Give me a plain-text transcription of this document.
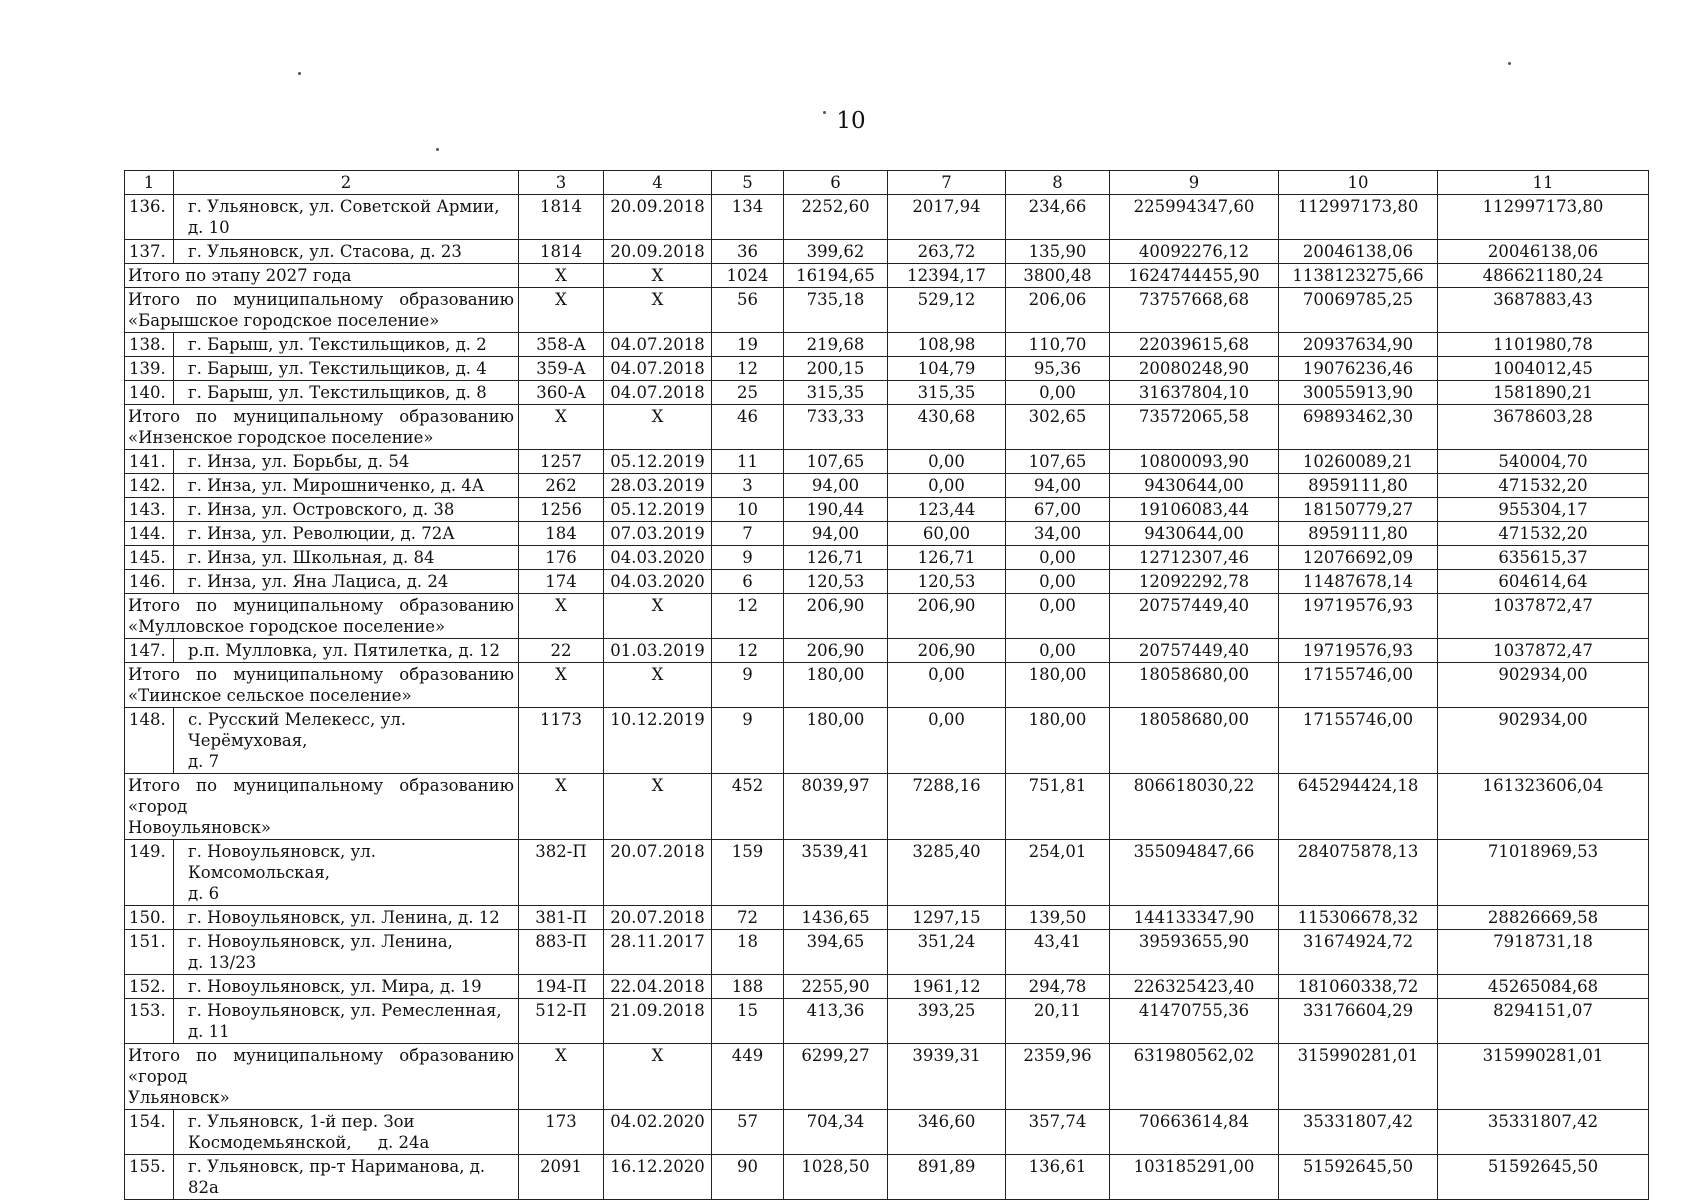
10
1	2	3	4	5	6	7	8	9	10	11
136.	г. Ульяновск, ул. Советской Армии,
д. 10	1814	20.09.2018	134	2252,60	2017,94	234,66	225994347,60	112997173,80	112997173,80
137.	г. Ульяновск, ул. Стасова, д. 23	1814	20.09.2018	36	399,62	263,72	135,90	40092276,12	20046138,06	20046138,06
Итого по этапу 2027 года		X	X	1024	16194,65	12394,17	3800,48	1624744455,90	1138123275,66	486621180,24

Итого по муниципальному образованию
«Барышское городское поселение»		X	X	56	735,18	529,12	206,06	73757668,68	70069785,25	3687883,43
138.	г. Барыш, ул. Текстильщиков, д. 2	358-А	04.07.2018	19	219,68	108,98	110,70	22039615,68	20937634,90	1101980,78
139.	г. Барыш, ул. Текстильщиков, д. 4	359-А	04.07.2018	12	200,15	104,79	95,36	20080248,90	19076236,46	1004012,45
140.	г. Барыш, ул. Текстильщиков, д. 8	360-А	04.07.2018	25	315,35	315,35	0,00	31637804,10	30055913,90	1581890,21

Итого по муниципальному образованию
«Инзенское городское поселение»		X	X	46	733,33	430,68	302,65	73572065,58	69893462,30	3678603,28
141.	г. Инза, ул. Борьбы, д. 54	1257	05.12.2019	11	107,65	0,00	107,65	10800093,90	10260089,21	540004,70
142.	г. Инза, ул. Мирошниченко, д. 4А	262	28.03.2019	3	94,00	0,00	94,00	9430644,00	8959111,80	471532,20
143.	г. Инза, ул. Островского, д. 38	1256	05.12.2019	10	190,44	123,44	67,00	19106083,44	18150779,27	955304,17
144.	г. Инза, ул. Революции, д. 72А	184	07.03.2019	7	94,00	60,00	34,00	9430644,00	8959111,80	471532,20
145.	г. Инза, ул. Школьная, д. 84	176	04.03.2020	9	126,71	126,71	0,00	12712307,46	12076692,09	635615,37
146.	г. Инза, ул. Яна Лациса, д. 24	174	04.03.2020	6	120,53	120,53	0,00	12092292,78	11487678,14	604614,64

Итого по муниципальному образованию
«Мулловское городское поселение»		X	X	12	206,90	206,90	0,00	20757449,40	19719576,93	1037872,47
147.	р.п. Мулловка, ул. Пятилетка, д. 12	22	01.03.2019	12	206,90	206,90	0,00	20757449,40	19719576,93	1037872,47

Итого по муниципальному образованию
«Тиинское сельское поселение»		X	X	9	180,00	0,00	180,00	18058680,00	17155746,00	902934,00
148.	с. Русский Мелекесс, ул. Черёмуховая,
д. 7	1173	10.12.2019	9	180,00	0,00	180,00	18058680,00	17155746,00	902934,00

Итого по муниципальному образованию «город
Новоульяновск»		X	X	452	8039,97	7288,16	751,81	806618030,22	645294424,18	161323606,04
149.	г. Новоульяновск, ул. Комсомольская,
д. 6	382-П	20.07.2018	159	3539,41	3285,40	254,01	355094847,66	284075878,13	71018969,53
150.	г. Новоульяновск, ул. Ленина, д. 12	381-П	20.07.2018	72	1436,65	1297,15	139,50	144133347,90	115306678,32	28826669,58
151.	г. Новоульяновск, ул. Ленина,
д. 13/23	883-П	28.11.2017	18	394,65	351,24	43,41	39593655,90	31674924,72	7918731,18
152.	г. Новоульяновск, ул. Мира, д. 19	194-П	22.04.2018	188	2255,90	1961,12	294,78	226325423,40	181060338,72	45265084,68
153.	г. Новоульяновск, ул. Ремесленная,
д. 11	512-П	21.09.2018	15	413,36	393,25	20,11	41470755,36	33176604,29	8294151,07

Итого по муниципальному образованию «город
Ульяновск»		X	X	449	6299,27	3939,31	2359,96	631980562,02	315990281,01	315990281,01
154.	г. Ульяновск, 1-й пер. Зои
Космодемьянской,     д. 24а	173	04.02.2020	57	704,34	346,60	357,74	70663614,84	35331807,42	35331807,42
155.	г. Ульяновск, пр-т Нариманова, д. 82а	2091	16.12.2020	90	1028,50	891,89	136,61	103185291,00	51592645,50	51592645,50
